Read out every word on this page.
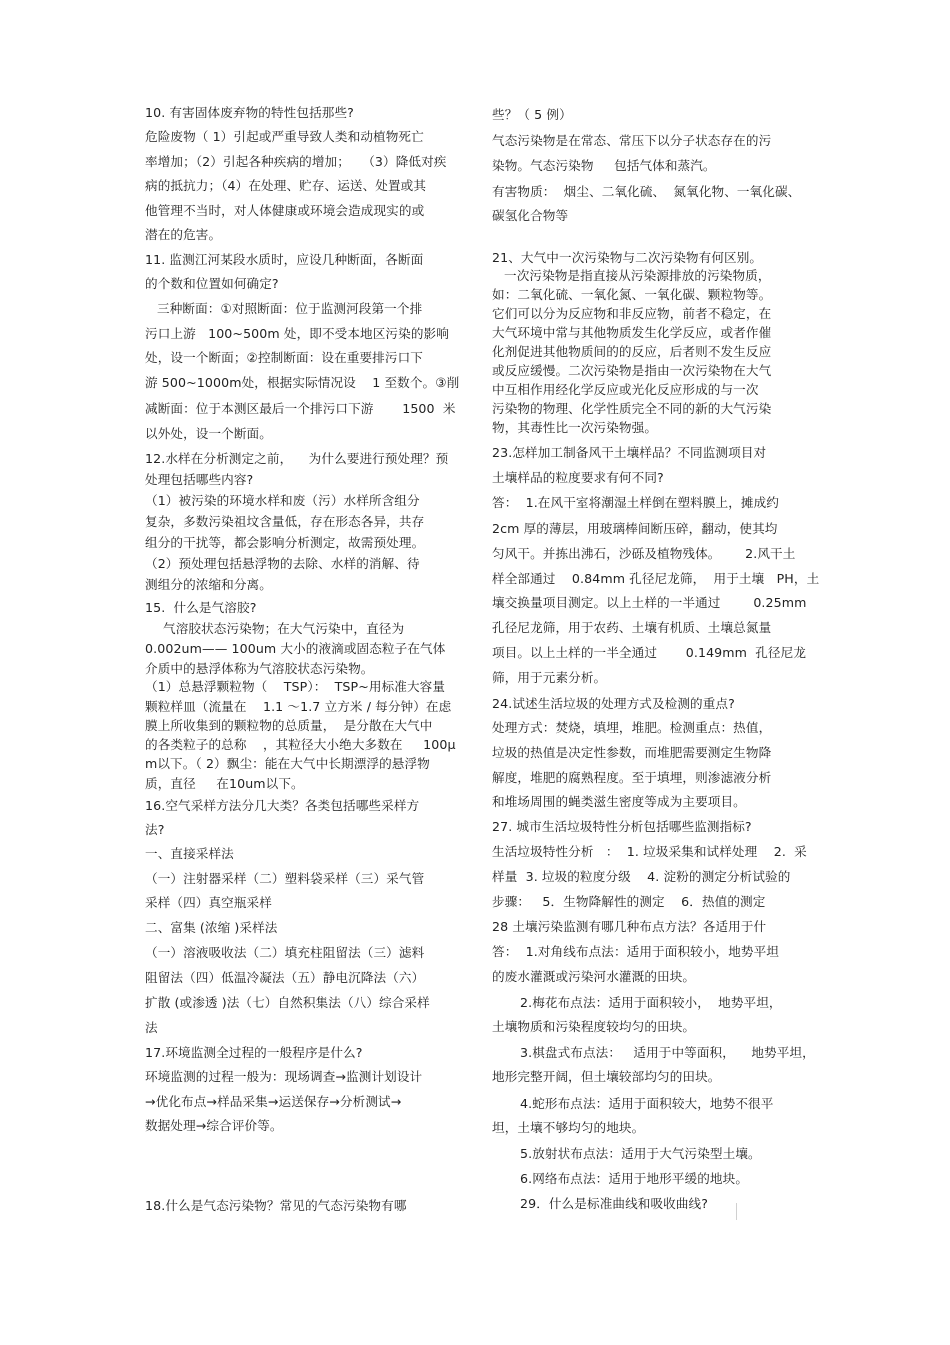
10. 有害固体废弃物的特性包括那些?
危险废物（ 1）引起或严重导致人类和动植物死亡
率增加；（2）引起各种疾病的增加；   （3）降低对疾
病的抵抗力；（4）在处理、贮存、运送、处置或其
他管理不当时，对人体健康或环境会造成现实的或
潜在的危害。
11. 监测江河某段水质时，应设几种断面，各断面
的个数和位置如何确定?
三种断面：①对照断面：位于监测河段第一个排
污口上游   100~500m 处，即不受本地区污染的影响
处，设一个断面；②控制断面：设在重要排污口下
游 500~1000m处，根据实际情况设    1 至数个。③削
减断面：位于本测区最后一个排污口下游       1500  米
以外处，设一个断面。
12.水样在分析测定之前，    为什么要进行预处理？预
处理包括哪些内容?
（1）被污染的环境水样和废（污）水样所含组分
复杂，多数污染祖坟含量低，存在形态各异，共存
组分的干扰等，都会影响分析测定，故需预处理。
（2）预处理包括悬浮物的去除、水样的消解、待
测组分的浓缩和分离。
15.  什么是气溶胶?
气溶胶状态污染物；在大气污染中，直径为
0.002um—— 100um 大小的液滴或固态粒子在气体
介质中的悬浮体称为气溶胶状态污染物。
（1）总悬浮颗粒物（    TSP）：  TSP~用标准大容量
颗粒样皿（流量在    1.1 ～1.7 立方米 / 每分钟）在虑
膜上所收集到的颗粒物的总质量，  是分散在大气中
的各类粒子的总称    ，其粒径大小绝大多数在     100μ
m以下。（ 2）飘尘：能在大气中长期漂浮的悬浮物
质，直径     在10um以下。
16.空气采样方法分几大类？各类包括哪些采样方
法?
一、直接采样法
（一）注射器采样（二）塑料袋采样（三）采气管
采样（四）真空瓶采样
二、富集 (浓缩 )采样法
（一）溶液吸收法（二）填充柱阻留法（三）滤料
阻留法（四）低温冷凝法（五）静电沉降法（六）
扩散 (或渗透 )法（七）自然积集法（八）综合采样
法
17.环境监测全过程的一般程序是什么?
环境监测的过程一般为：现场调查→监测计划设计
→优化布点→样品采集→运送保存→分析测试→
数据处理→综合评价等。
18.什么是气态污染物？常见的气态污染物有哪
些？（ 5 例）
气态污染物是在常态、常压下以分子状态存在的污
染物。气态污染物     包括气体和蒸汽。
有害物质：  烟尘、二氧化硫、  氮氧化物、一氧化碳、
碳氢化合物等
21、大气中一次污染物与二次污染物有何区别。
一次污染物是指直接从污染源排放的污染物质，
如：二氧化硫、一氧化氮、一氧化碳、颗粒物等。
它们可以分为反应物和非反应物，前者不稳定，在
大气环境中常与其他物质发生化学反应，或者作催
化剂促进其他物质间的的反应，后者则不发生反应
或反应缓慢。二次污染物是指由一次污染物在大气
中互相作用经化学反应或光化反应形成的与一次
污染物的物理、化学性质完全不同的新的大气污染
物，其毒性比一次污染物强。
23.怎样加工制备风干土壤样品？不同监测项目对
土壤样品的粒度要求有何不同?
答：  1.在风干室将潮湿土样倒在塑料膜上，摊成约
2cm 厚的薄层，用玻璃棒间断压碎，翻动，使其均
匀风干。并拣出沸石，沙砾及植物残体。      2.风干土
样全部通过    0.84mm 孔径尼龙筛，  用于土壤   PH，土
壤交换量项目测定。以上土样的一半通过        0.25mm
孔径尼龙筛，用于农药、土壤有机质、土壤总氮量
项目。以上土样的一半全通过       0.149mm  孔径尼龙
筛，用于元素分析。
24.试述生活垃圾的处理方式及检测的重点?
处理方式：焚烧，填埋，堆肥。检测重点：热值，
垃圾的热值是决定性参数，而堆肥需要测定生物降
解度，堆肥的腐熟程度。至于填埋，则渗滤液分析
和堆场周围的蝇类滋生密度等成为主要项目。
27. 城市生活垃圾特性分析包括哪些监测指标?
生活垃圾特性分析   ：  1. 垃圾采集和试样处理    2.  采
样量  3. 垃圾的粒度分级    4. 淀粉的测定分析试验的
步骤：   5．生物降解性的测定    6．热值的测定
28 土壤污染监测有哪几种布点方法？各适用于什
答：  1.对角线布点法：适用于面积较小，地势平坦
的废水灌溉或污染河水灌溉的田块。
2.梅花布点法：适用于面积较小，  地势平坦，
土壤物质和污染程度较均匀的田块。
3.棋盘式布点法：   适用于中等面积，    地势平坦，
地形完整开阔，但土壤较部均匀的田块。
4.蛇形布点法：适用于面积较大，地势不很平
坦，土壤不够均匀的地块。
5.放射状布点法：适用于大气污染型土壤。
6.网络布点法：适用于地形平缓的地块。
29．什么是标准曲线和吸收曲线?
